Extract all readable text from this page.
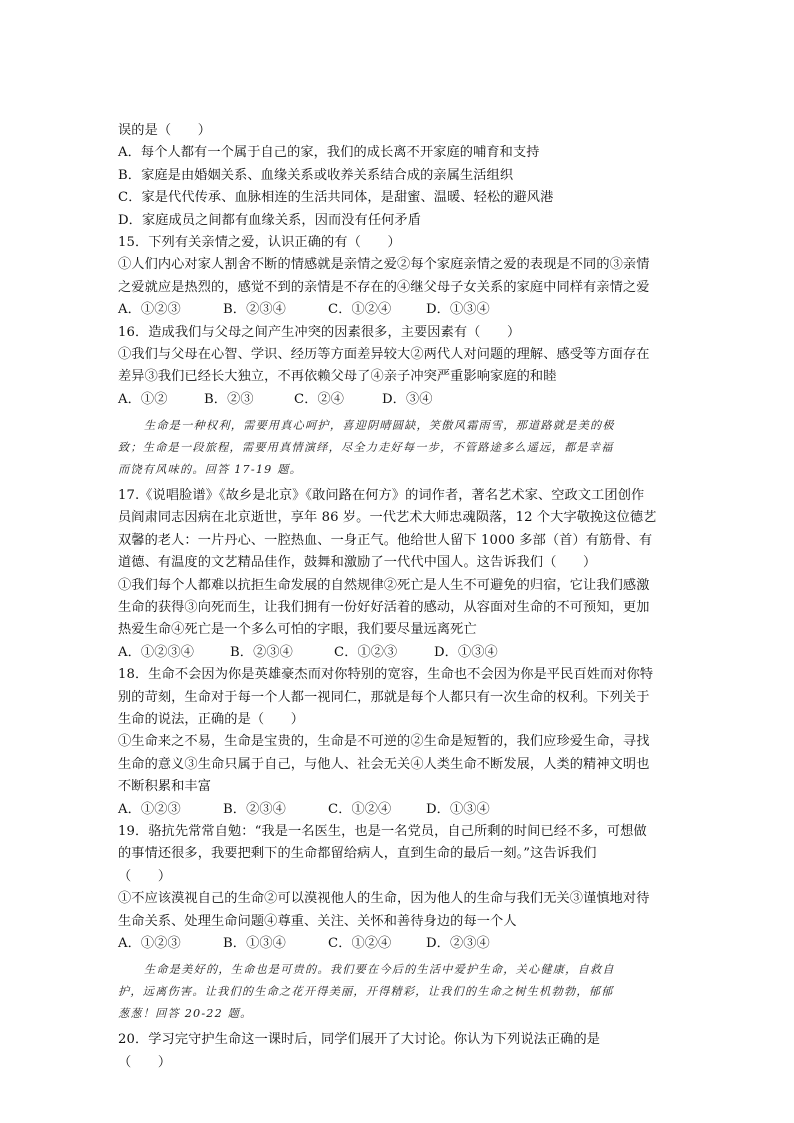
误的是（　　）
A．每个人都有一个属于自己的家，我们的成长离不开家庭的哺育和支持
B．家庭是由婚姻关系、血缘关系或收养关系结合成的亲属生活组织
C．家是代代传承、血脉相连的生活共同体，是甜蜜、温暖、轻松的避风港
D．家庭成员之间都有血缘关系，因而没有任何矛盾
15．下列有关亲情之爱，认识正确的有（　　）
①人们内心对家人割舍不断的情感就是亲情之爱②每个家庭亲情之爱的表现是不同的③亲情
之爱就应是热烈的，感觉不到的亲情是不存在的④继父母子女关系的家庭中同样有亲情之爱
A．①②③	B．②③④	C．①②④	D．①③④
16．造成我们与父母之间产生冲突的因素很多，主要因素有（　　）
①我们与父母在心智、学识、经历等方面差异较大②两代人对问题的理解、感受等方面存在
差异③我们已经长大独立，不再依赖父母了④亲子冲突严重影响家庭的和睦
A．①②	B．②③	C．②④	D．③④
生命是一种权利，需要用真心呵护，喜迎阴晴圆缺，笑傲风霜雨雪，那道路就是美的极
致；生命是一段旅程，需要用真情演绎，尽全力走好每一步，不管路途多么遥远，都是幸福
而饶有风味的。回答 17-19 题。
17.《说唱脸谱》《故乡是北京》《敢问路在何方》的词作者，著名艺术家、空政文工团创作
员阎肃同志因病在北京逝世，享年 86 岁。一代艺术大师忠魂陨落，12 个大字敬挽这位德艺
双馨的老人：一片丹心、一腔热血、一身正气。他给世人留下 1000 多部（首）有筋骨、有
道德、有温度的文艺精品佳作，鼓舞和激励了一代代中国人。这告诉我们（　　）
①我们每个人都难以抗拒生命发展的自然规律②死亡是人生不可避免的归宿，它让我们感激
生命的获得③向死而生，让我们拥有一份好好活着的感动，从容面对生命的不可预知，更加
热爱生命④死亡是一个多么可怕的字眼，我们要尽量远离死亡
A．①②③④	B．②③④	C．①②③	D．①③④
18．生命不会因为你是英雄豪杰而对你特别的宽容，生命也不会因为你是平民百姓而对你特
别的苛刻，生命对于每一个人都一视同仁，那就是每个人都只有一次生命的权利。下列关于
生命的说法，正确的是（　　）
①生命来之不易，生命是宝贵的，生命是不可逆的②生命是短暂的，我们应珍爱生命，寻找
生命的意义③生命只属于自己，与他人、社会无关④人类生命不断发展，人类的精神文明也
不断积累和丰富
A．①②③	B．②③④	C．①②④	D．①③④
19．骆抗先常常自勉：“我是一名医生，也是一名党员，自己所剩的时间已经不多，可想做
的事情还很多，我要把剩下的生命都留给病人，直到生命的最后一刻。”这告诉我们
（　　）
①不应该漠视自己的生命②可以漠视他人的生命，因为他人的生命与我们无关③谨慎地对待
生命关系、处理生命问题④尊重、关注、关怀和善待身边的每一个人
A．①②③	B．①③④	C．①②④	D．②③④
生命是美好的，生命也是可贵的。我们要在今后的生活中爱护生命，关心健康，自救自
护，远离伤害。让我们的生命之花开得美丽，开得精彩，让我们的生命之树生机勃勃，郁郁
葱葱！回答 20-22 题。
20．学习完守护生命这一课时后，同学们展开了大讨论。你认为下列说法正确的是
（　　）
